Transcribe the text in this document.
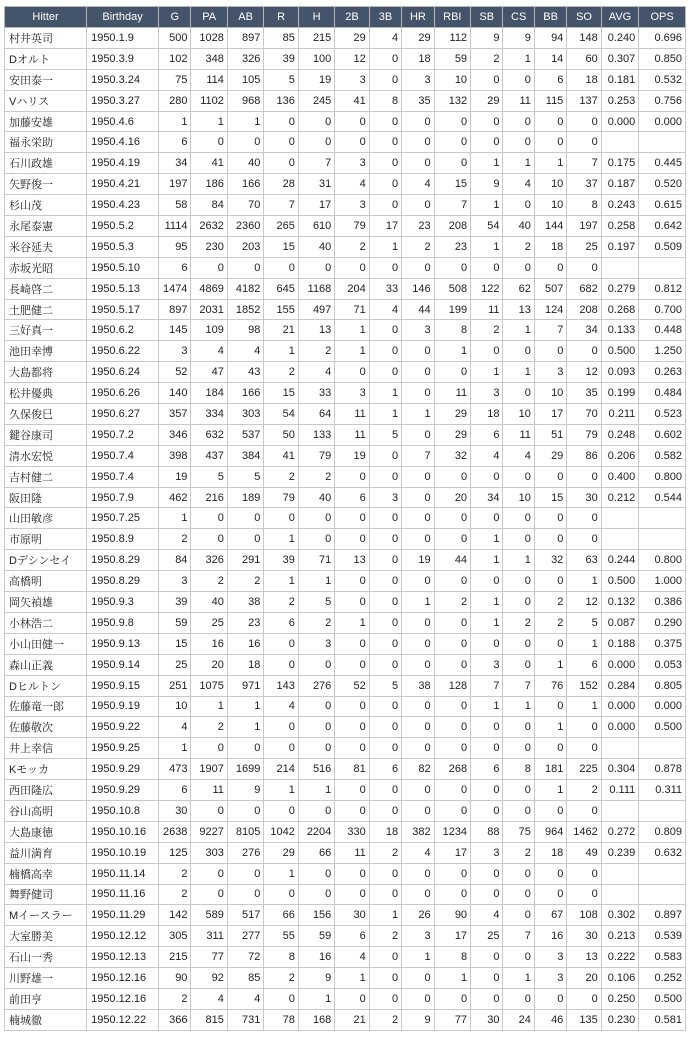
Hitter	Birthday	G	PA	AB	R	H	2B	3B	HR	RBI	SB	CS	BB	SO	AVG	OPS
村井英司	1950.1.9	500	1028	897	85	215	29	4	29	112	9	9	94	148	0.240	0.696
Dオルト	1950.3.9	102	348	326	39	100	12	0	18	59	2	1	14	60	0.307	0.850
安田泰一	1950.3.24	75	114	105	5	19	3	0	3	10	0	0	6	18	0.181	0.532
Vハリス	1950.3.27	280	1102	968	136	245	41	8	35	132	29	11	115	137	0.253	0.756
加藤安雄	1950.4.6	1	1	1	0	0	0	0	0	0	0	0	0	0	0.000	0.000
福永栄助	1950.4.16	6	0	0	0	0	0	0	0	0	0	0	0	0		
石川政雄	1950.4.19	34	41	40	0	7	3	0	0	0	1	1	1	7	0.175	0.445
矢野俊一	1950.4.21	197	186	166	28	31	4	0	4	15	9	4	10	37	0.187	0.520
杉山茂	1950.4.23	58	84	70	7	17	3	0	0	7	1	0	10	8	0.243	0.615
永尾泰憲	1950.5.2	1114	2632	2360	265	610	79	17	23	208	54	40	144	197	0.258	0.642
米谷延夫	1950.5.3	95	230	203	15	40	2	1	2	23	1	2	18	25	0.197	0.509
赤坂光昭	1950.5.10	6	0	0	0	0	0	0	0	0	0	0	0	0		
長崎啓二	1950.5.13	1474	4869	4182	645	1168	204	33	146	508	122	62	507	682	0.279	0.812
土肥健二	1950.5.17	897	2031	1852	155	497	71	4	44	199	11	13	124	208	0.268	0.700
三好真一	1950.6.2	145	109	98	21	13	1	0	3	8	2	1	7	34	0.133	0.448
池田幸博	1950.6.22	3	4	4	1	2	1	0	0	1	0	0	0	0	0.500	1.250
大島都将	1950.6.24	52	47	43	2	4	0	0	0	0	1	1	3	12	0.093	0.263
松井優典	1950.6.26	140	184	166	15	33	3	1	0	11	3	0	10	35	0.199	0.484
久保俊巳	1950.6.27	357	334	303	54	64	11	1	1	29	18	10	17	70	0.211	0.523
鍵谷康司	1950.7.2	346	632	537	50	133	11	5	0	29	6	11	51	79	0.248	0.602
清水宏悦	1950.7.4	398	437	384	41	79	19	0	7	32	4	4	29	86	0.206	0.582
吉村健二	1950.7.4	19	5	5	2	2	0	0	0	0	0	0	0	0	0.400	0.800
阪田隆	1950.7.9	462	216	189	79	40	6	3	0	20	34	10	15	30	0.212	0.544
山田敏彦	1950.7.25	1	0	0	0	0	0	0	0	0	0	0	0	0		
市原明	1950.8.9	2	0	0	1	0	0	0	0	0	1	0	0	0		
Dデシンセイ	1950.8.29	84	326	291	39	71	13	0	19	44	1	1	32	63	0.244	0.800
高橋明	1950.8.29	3	2	2	1	1	0	0	0	0	0	0	0	1	0.500	1.000
岡矢禎雄	1950.9.3	39	40	38	2	5	0	0	1	2	1	0	2	12	0.132	0.386
小林浩二	1950.9.8	59	25	23	6	2	1	0	0	0	1	2	2	5	0.087	0.290
小山田健一	1950.9.13	15	16	16	0	3	0	0	0	0	0	0	0	1	0.188	0.375
森山正義	1950.9.14	25	20	18	0	0	0	0	0	0	3	0	1	6	0.000	0.053
Dヒルトン	1950.9.15	251	1075	971	143	276	52	5	38	128	7	7	76	152	0.284	0.805
佐藤竜一郎	1950.9.19	10	1	1	4	0	0	0	0	0	1	1	0	1	0.000	0.000
佐藤敬次	1950.9.22	4	2	1	0	0	0	0	0	0	0	0	1	0	0.000	0.500
井上幸信	1950.9.25	1	0	0	0	0	0	0	0	0	0	0	0	0		
Kモッカ	1950.9.29	473	1907	1699	214	516	81	6	82	268	6	8	181	225	0.304	0.878
西田隆広	1950.9.29	6	11	9	1	1	0	0	0	0	0	0	1	2	0.111	0.311
谷山高明	1950.10.8	30	0	0	0	0	0	0	0	0	0	0	0	0		
大島康徳	1950.10.16	2638	9227	8105	1042	2204	330	18	382	1234	88	75	964	1462	0.272	0.809
益川満育	1950.10.19	125	303	276	29	66	11	2	4	17	3	2	18	49	0.239	0.632
楠橋高幸	1950.11.14	2	0	0	1	0	0	0	0	0	0	0	0	0		
舞野健司	1950.11.16	2	0	0	0	0	0	0	0	0	0	0	0	0		
Mイースラー	1950.11.29	142	589	517	66	156	30	1	26	90	4	0	67	108	0.302	0.897
大室勝美	1950.12.12	305	311	277	55	59	6	2	3	17	25	7	16	30	0.213	0.539
石山一秀	1950.12.13	215	77	72	8	16	4	0	1	8	0	0	3	13	0.222	0.583
川野雄一	1950.12.16	90	92	85	2	9	1	0	0	1	0	1	3	20	0.106	0.252
前田亨	1950.12.16	2	4	4	0	1	0	0	0	0	0	0	0	0	0.250	0.500
楠城徹	1950.12.22	366	815	731	78	168	21	2	9	77	30	24	46	135	0.230	0.581
